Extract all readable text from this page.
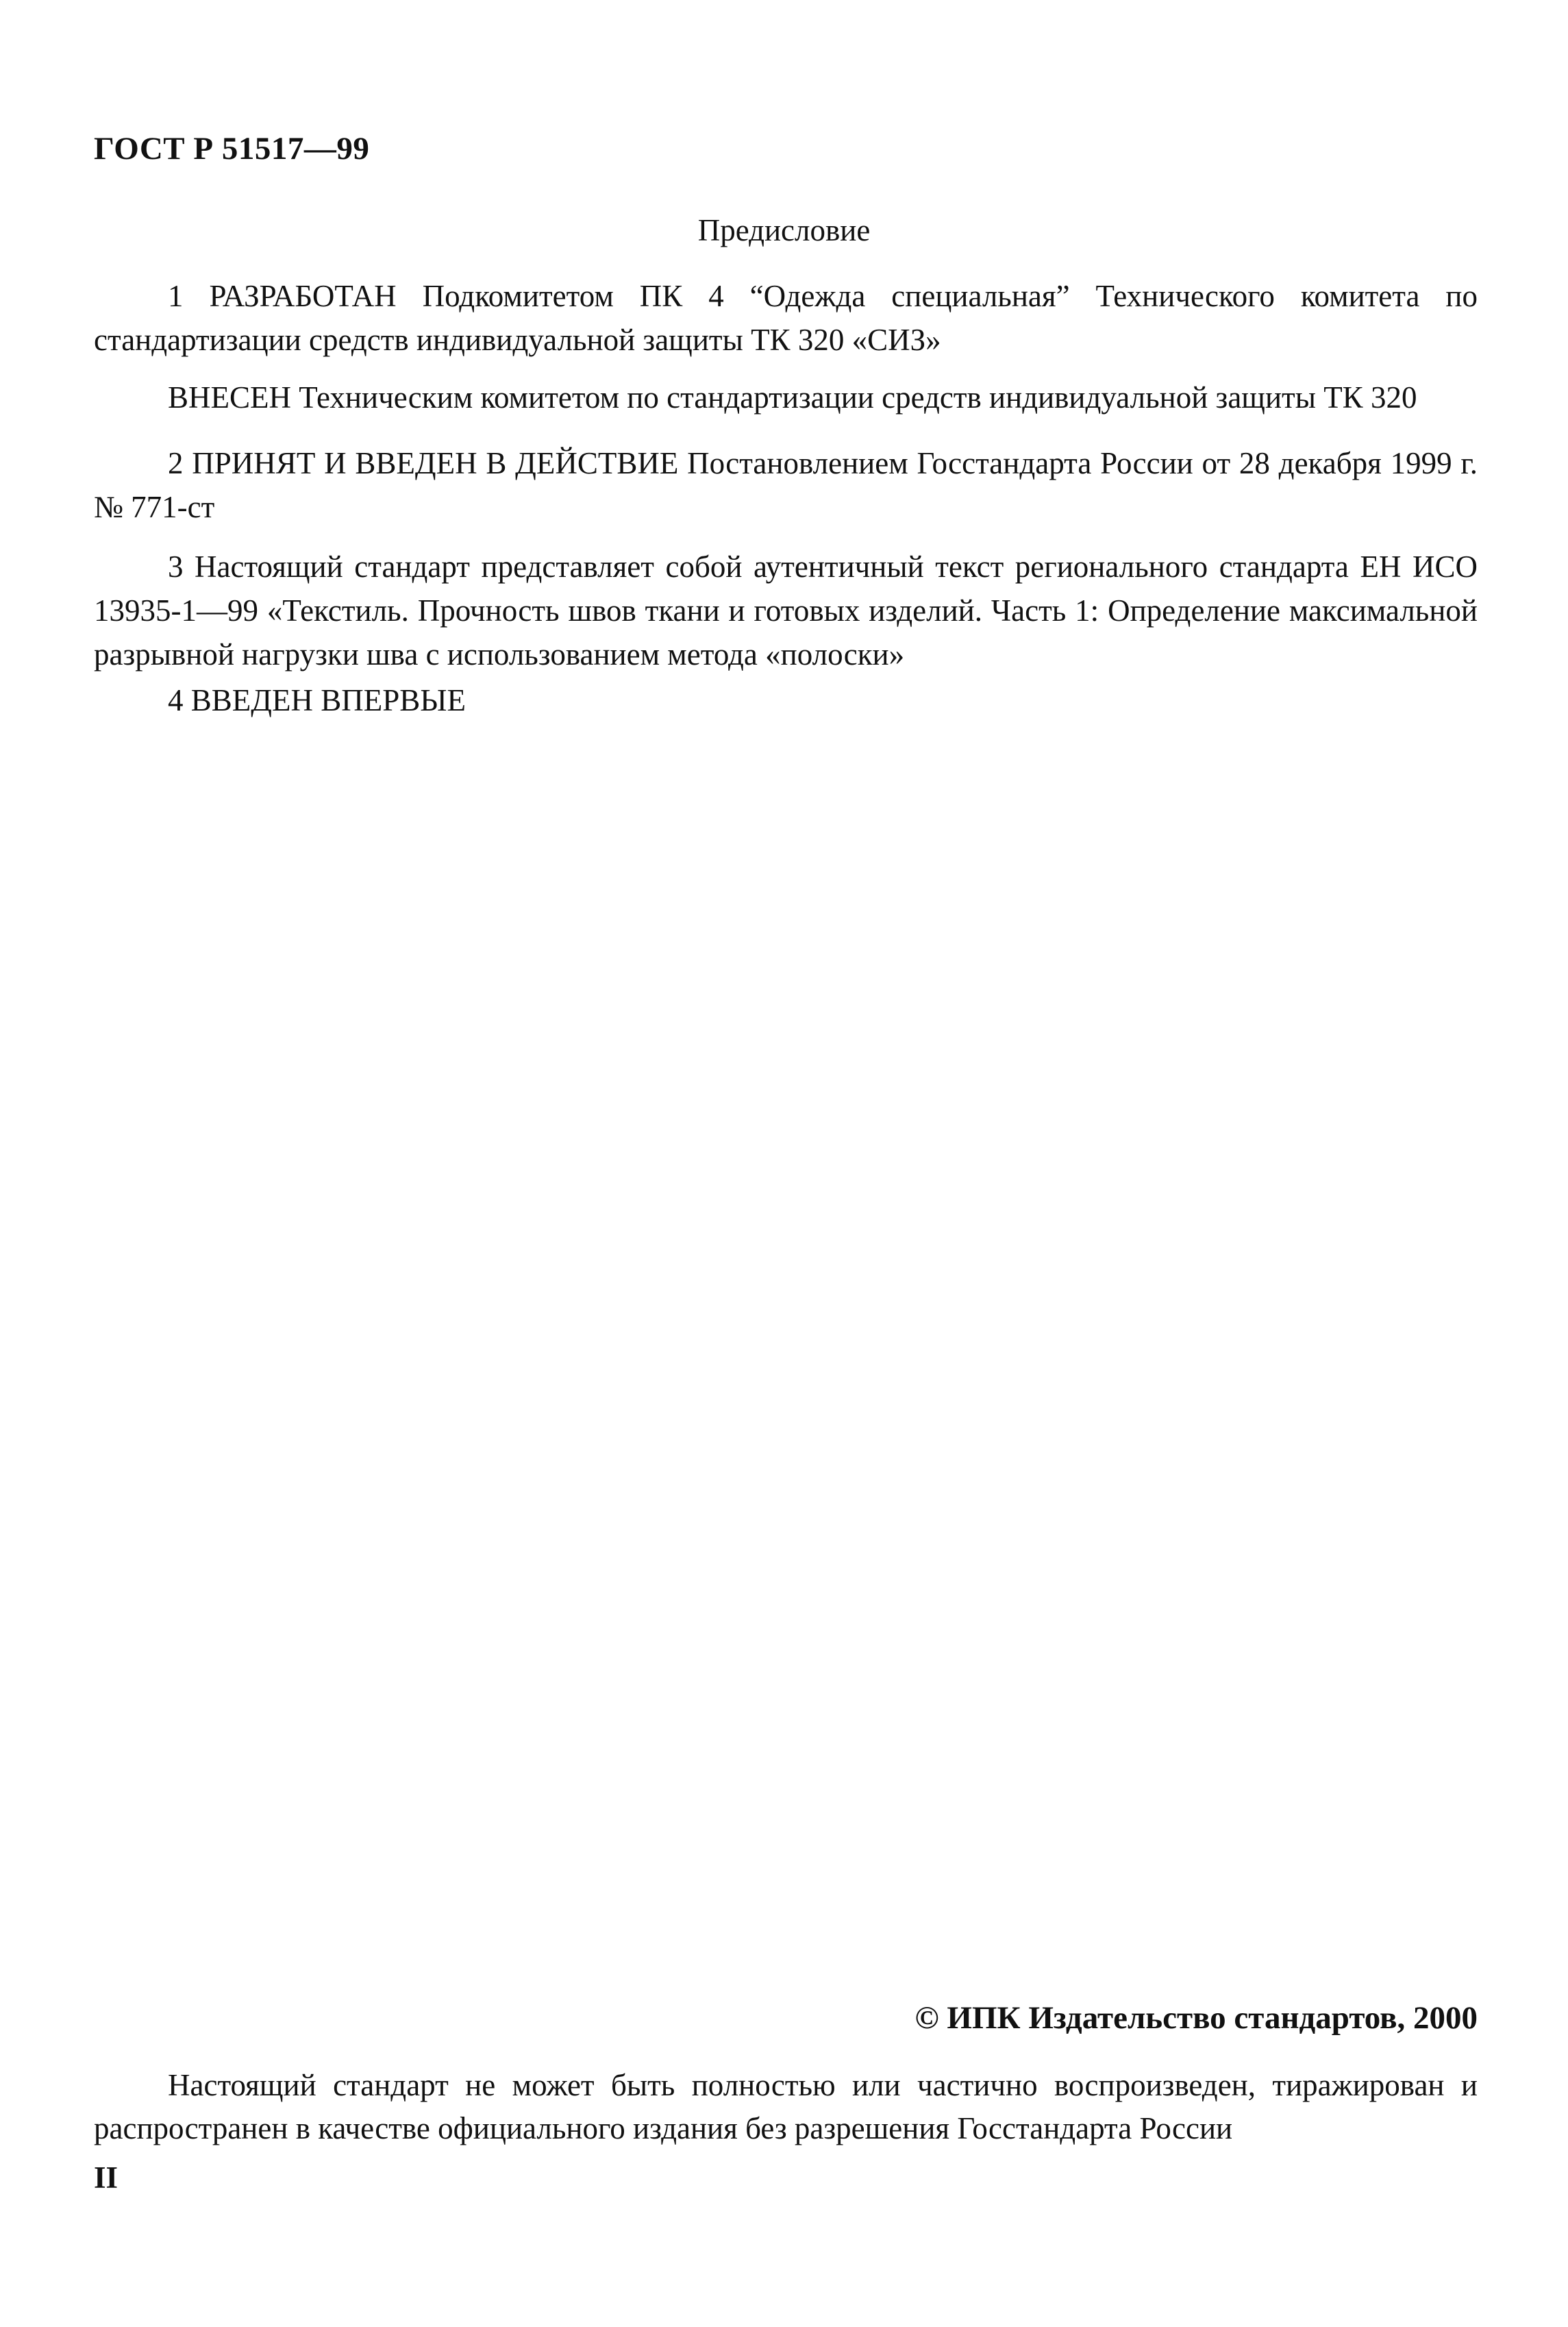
ГОСТ Р 51517—99
Предисловие
1 РАЗРАБОТАН Подкомитетом ПК 4 “Одежда специальная” Технического комитета по стандартизации средств индивидуальной защиты ТК 320 «СИЗ»
ВНЕСЕН Техническим комитетом по стандартизации средств индивидуальной защиты ТК 320
2 ПРИНЯТ И ВВЕДЕН В ДЕЙСТВИЕ Постановлением Госстандарта России от 28 декабря 1999 г. № 771-ст
3 Настоящий стандарт представляет собой аутентичный текст регионального стандарта ЕН ИСО 13935-1—99 «Текстиль. Прочность швов ткани и готовых изделий. Часть 1: Определение максимальной разрывной нагрузки шва с использованием метода «полоски»
4 ВВЕДЕН ВПЕРВЫЕ
© ИПК Издательство стандартов, 2000
Настоящий стандарт не может быть полностью или частично воспроизведен, тиражирован и распространен в качестве официального издания без разрешения Госстандарта России
II
